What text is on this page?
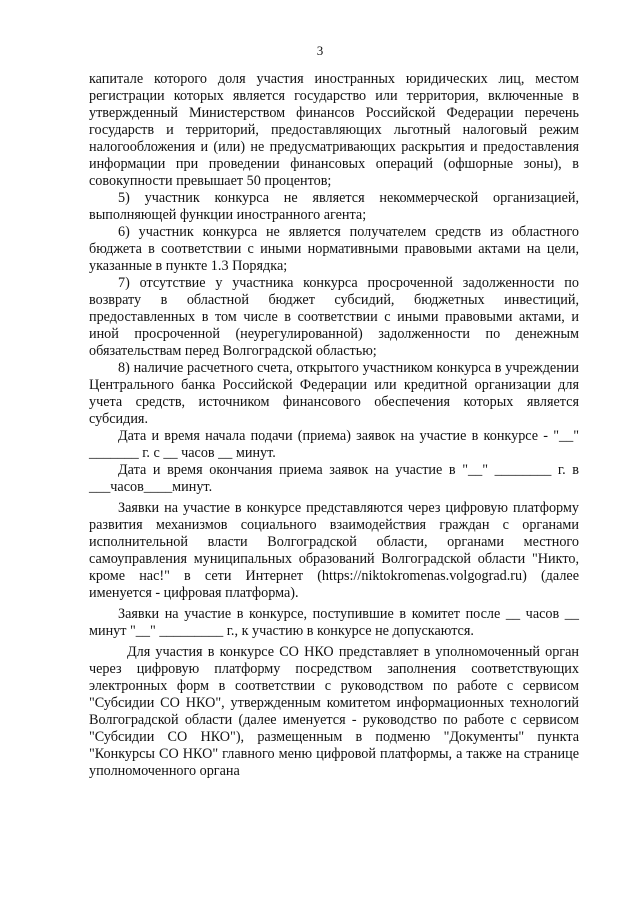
3

капитале которого доля участия иностранных юридических лиц, местом регистрации которых является государство или территория, включенные в утвержденный Министерством финансов Российской Федерации перечень государств и территорий, предоставляющих льготный налоговый режим налогообложения и (или) не предусматривающих раскрытия и предоставления информации при проведении финансовых операций (офшорные зоны), в совокупности превышает 50 процентов;

5) участник конкурса не является некоммерческой организацией, выполняющей функции иностранного агента;

6) участник конкурса не является получателем средств из областного бюджета в соответствии с иными нормативными правовыми актами на цели, указанные в пункте 1.3 Порядка;

7) отсутствие у участника конкурса просроченной задолженности по возврату в областной бюджет субсидий, бюджетных инвестиций, предоставленных в том числе в соответствии с иными правовыми актами, и иной просроченной (неурегулированной) задолженности по денежным обязательствам перед Волгоградской областью;

8) наличие расчетного счета, открытого участником конкурса в учреждении Центрального банка Российской Федерации или кредитной организации для учета средств, источником финансового обеспечения которых является субсидия.

Дата и время начала подачи (приема) заявок на участие в конкурсе - "__" _______ г. с __ часов __ минут.

Дата и время окончания приема заявок на участие в "__" ________ г. в ___часов____минут.

Заявки на участие в конкурсе представляются через цифровую платформу развития механизмов социального взаимодействия граждан с органами исполнительной власти Волгоградской области, органами местного самоуправления муниципальных образований Волгоградской области "Никто, кроме нас!" в сети Интернет (https://niktokromenas.volgograd.ru) (далее именуется - цифровая платформа).

Заявки на участие в конкурсе, поступившие в комитет после __ часов __ минут "__" _________ г., к участию в конкурсе не допускаются.

Для участия в конкурсе СО НКО представляет в уполномоченный орган через цифровую платформу посредством заполнения соответствующих электронных форм в соответствии с руководством по работе с сервисом "Субсидии СО НКО", утвержденным комитетом информационных технологий Волгоградской области (далее именуется - руководство по работе с сервисом "Субсидии СО НКО"), размещенным в подменю "Документы" пункта "Конкурсы СО НКО" главного меню цифровой платформы, а также на странице уполномоченного органа
